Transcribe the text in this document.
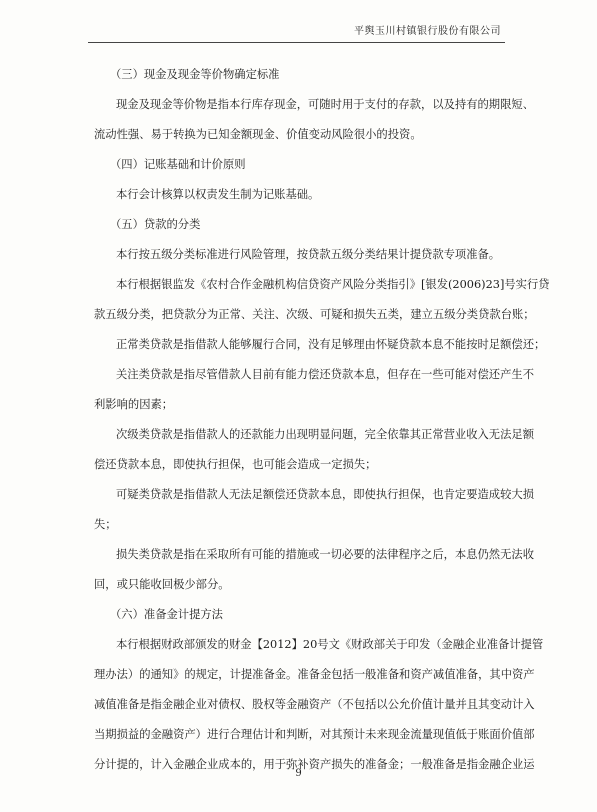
平舆玉川村镇银行股份有限公司

（三）现金及现金等价物确定标准

现金及现金等价物是指本行库存现金，可随时用于支付的存款，以及持有的期限短、

流动性强、易于转换为已知金额现金、价值变动风险很小的投资。

（四）记账基础和计价原则

本行会计核算以权责发生制为记账基础。

（五）贷款的分类

本行按五级分类标准进行风险管理，按贷款五级分类结果计提贷款专项准备。

本行根据银监发《农村合作金融机构信贷资产风险分类指引》[银发(2006)23]号实行贷

款五级分类，把贷款分为正常、关注、次级、可疑和损失五类，建立五级分类贷款台账；

正常类贷款是指借款人能够履行合同，没有足够理由怀疑贷款本息不能按时足额偿还；

关注类贷款是指尽管借款人目前有能力偿还贷款本息，但存在一些可能对偿还产生不

利影响的因素；

次级类贷款是指借款人的还款能力出现明显问题，完全依靠其正常营业收入无法足额

偿还贷款本息，即使执行担保，也可能会造成一定损失；

可疑类贷款是指借款人无法足额偿还贷款本息，即使执行担保，也肯定要造成较大损

失；

损失类贷款是指在采取所有可能的措施或一切必要的法律程序之后，本息仍然无法收

回，或只能收回极少部分。

（六）准备金计提方法

本行根据财政部颁发的财金【2012】20号文《财政部关于印发（金融企业准备计提管

理办法）的通知》的规定，计提准备金。准备金包括一般准备和资产减值准备，其中资产

减值准备是指金融企业对债权、股权等金融资产（不包括以公允价值计量并且其变动计入

当期损益的金融资产）进行合理估计和判断，对其预计未来现金流量现值低于账面价值部

分计提的，计入金融企业成本的，用于弥补资产损失的准备金；一般准备是指金融企业运

9
